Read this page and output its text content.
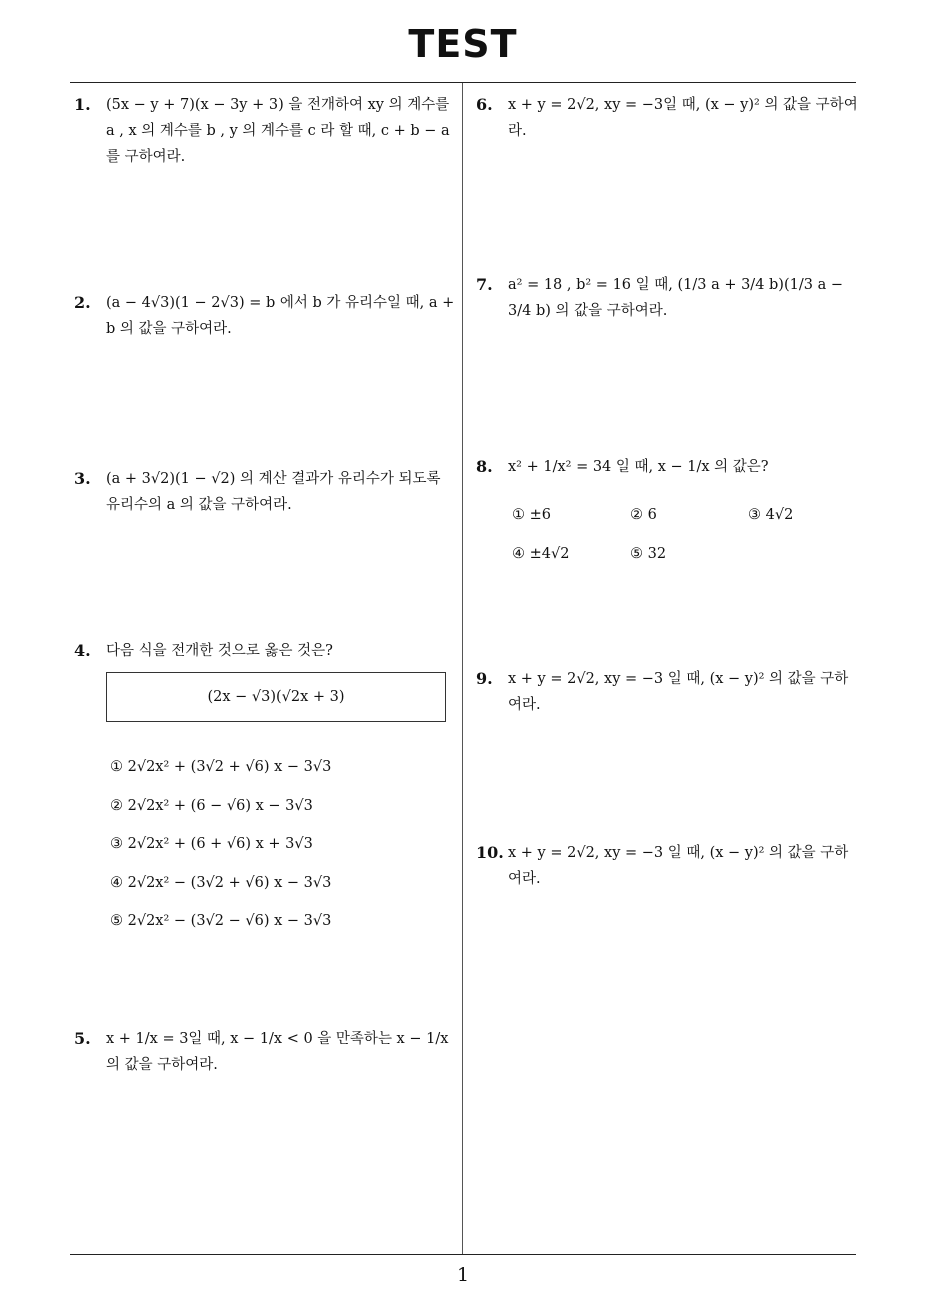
TEST
1. (5x − y + 7)(x − 3y + 3) 을 전개하여 xy 의 계수를 a , x 의 계수를 b , y 의 계수를 c 라 할 때, c + b − a 를 구하여라.
2. (a − 4√3)(1 − 2√3) = b 에서 b 가 유리수일 때, a + b 의 값을 구하여라.
3. (a + 3√2)(1 − √2) 의 계산 결과가 유리수가 되도록 유리수의 a 의 값을 구하여라.
4. 다음 식을 전개한 것으로 옳은 것은?
(2x − √3)(√2x + 3)
① 2√2x² + (3√2 + √6) x − 3√3
② 2√2x² + (6 − √6) x − 3√3
③ 2√2x² + (6 + √6) x + 3√3
④ 2√2x² − (3√2 + √6) x − 3√3
⑤ 2√2x² − (3√2 − √6) x − 3√3
5. x + 1/x = 3일 때, x − 1/x < 0 을 만족하는 x − 1/x 의 값을 구하여라.
6. x + y = 2√2, xy = −3일 때, (x − y)² 의 값을 구하여라.
7. a² = 18 , b² = 16 일 때, (1/3 a + 3/4 b)(1/3 a − 3/4 b) 의 값을 구하여라.
8. x² + 1/x² = 34 일 때, x − 1/x 의 값은?
① ±6	② 6	③ 4√2
④ ±4√2	⑤ 32
9. x + y = 2√2, xy = −3 일 때, (x − y)² 의 값을 구하여라.
10. x + y = 2√2, xy = −3 일 때, (x − y)² 의 값을 구하여라.
1
